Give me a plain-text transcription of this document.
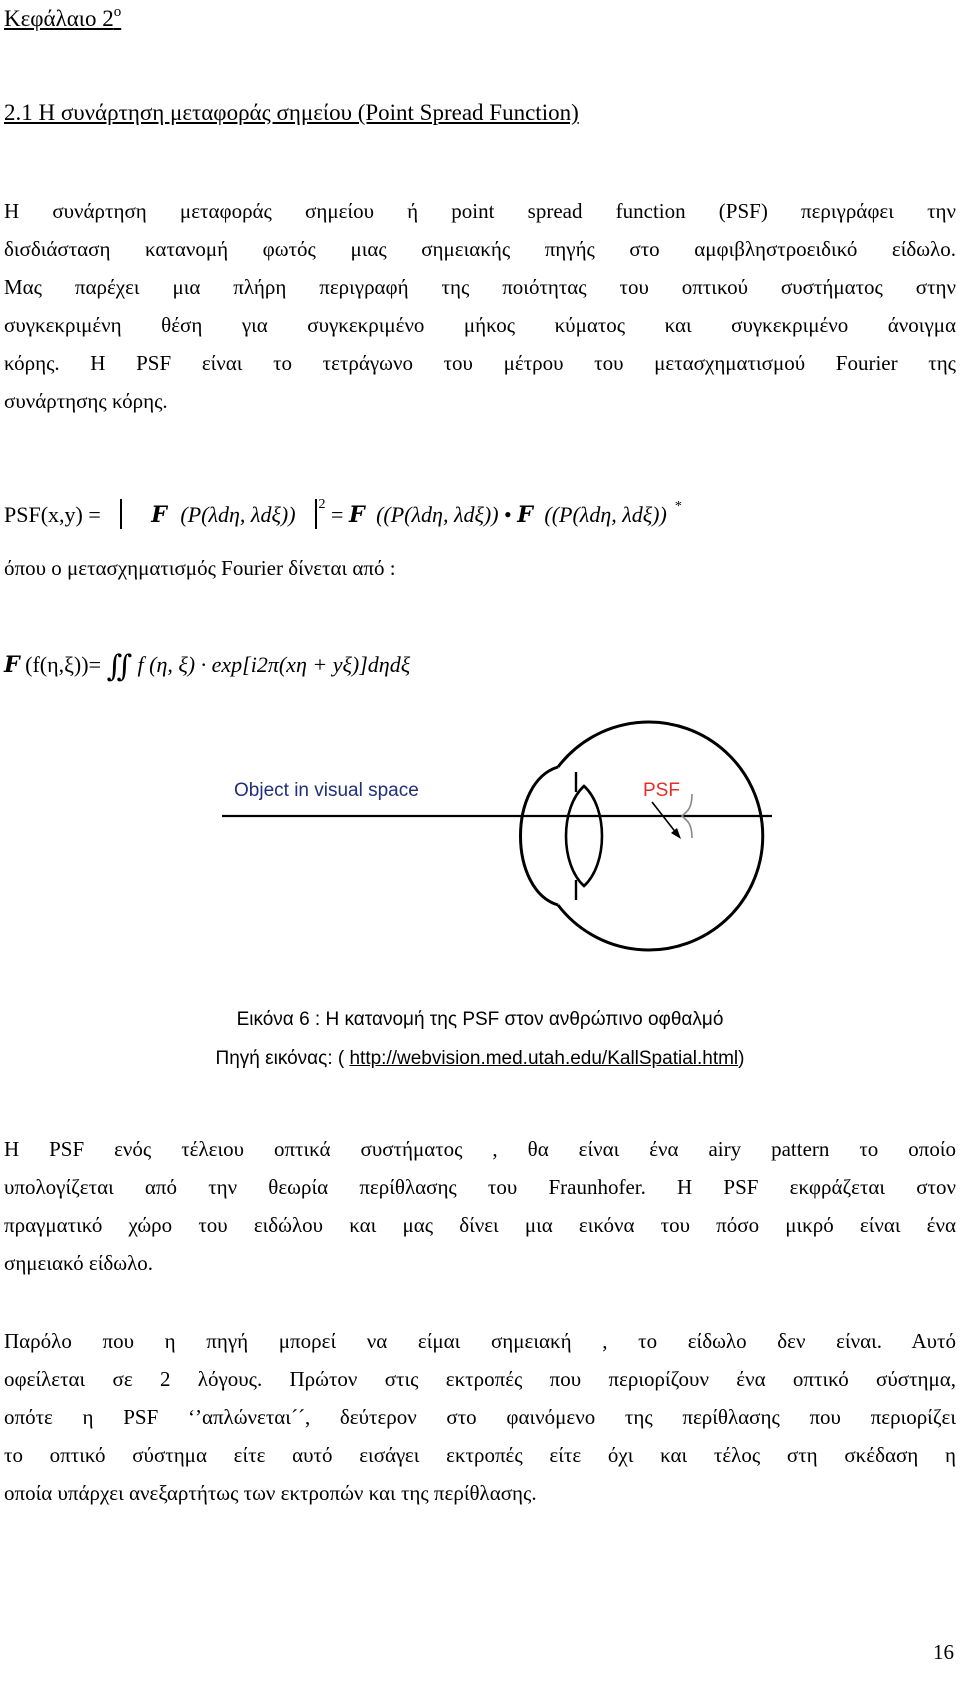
Κεφάλαιο $2^o$
2.1 Η συνάρτηση μεταφοράς σημείου (Point Spread Function)
Η συνάρτηση μεταφοράς σημείου ή point spread function (PSF) περιγράφει την
δισδιάσταση κατανομή φωτός μιας σημειακής πηγής στο αμφιβληστροειδικό είδωλο.
Μας παρέχει μια πλήρη περιγραφή της ποιότητας του οπτικού συστήματος στην
συγκεκριμένη θέση για συγκεκριμένο μήκος κύματος και συγκεκριμένο άνοιγμα
κόρης. Η PSF είναι το τετράγωνο του μέτρου του μετασχηματισμού Fourier της
συνάρτησης κόρης.
PSF(x,y) = F (P(λdη, λdξ)) $^2$ = F ((P(λdη, λdξ)) • F ((P(λdη, λdξ)) *
όπου ο μετασχηματισμός Fourier δίνεται από :
F (f(η,ξ))= ∬ f (η, ξ) · exp[i2π(xη + yξ)]dηdξ
Object in visual space	PSF
Εικόνα 6 : Η κατανομή της PSF στον ανθρώπινο οφθαλμό
Πηγή εικόνας: ( http://webvision.med.utah.edu/KallSpatial.html)
Η PSF ενός τέλειου οπτικά συστήματος , θα είναι ένα airy pattern το οποίο
υπολογίζεται από την θεωρία περίθλασης του Fraunhofer. Η PSF εκφράζεται στον
πραγματικό χώρο του ειδώλου και μας δίνει μια εικόνα του πόσο μικρό είναι ένα
σημειακό είδωλο.
Παρόλο που η πηγή μπορεί να είμαι σημειακή , το είδωλο δεν είναι. Αυτό
οφείλεται σε 2 λόγους. Πρώτον στις εκτροπές που περιορίζουν ένα οπτικό σύστημα,
οπότε η PSF ‘’απλώνεται´´, δεύτερον στο φαινόμενο της περίθλασης που περιορίζει
το οπτικό σύστημα είτε αυτό εισάγει εκτροπές είτε όχι και τέλος στη σκέδαση η
οποία υπάρχει ανεξαρτήτως των εκτροπών και της περίθλασης.
16
